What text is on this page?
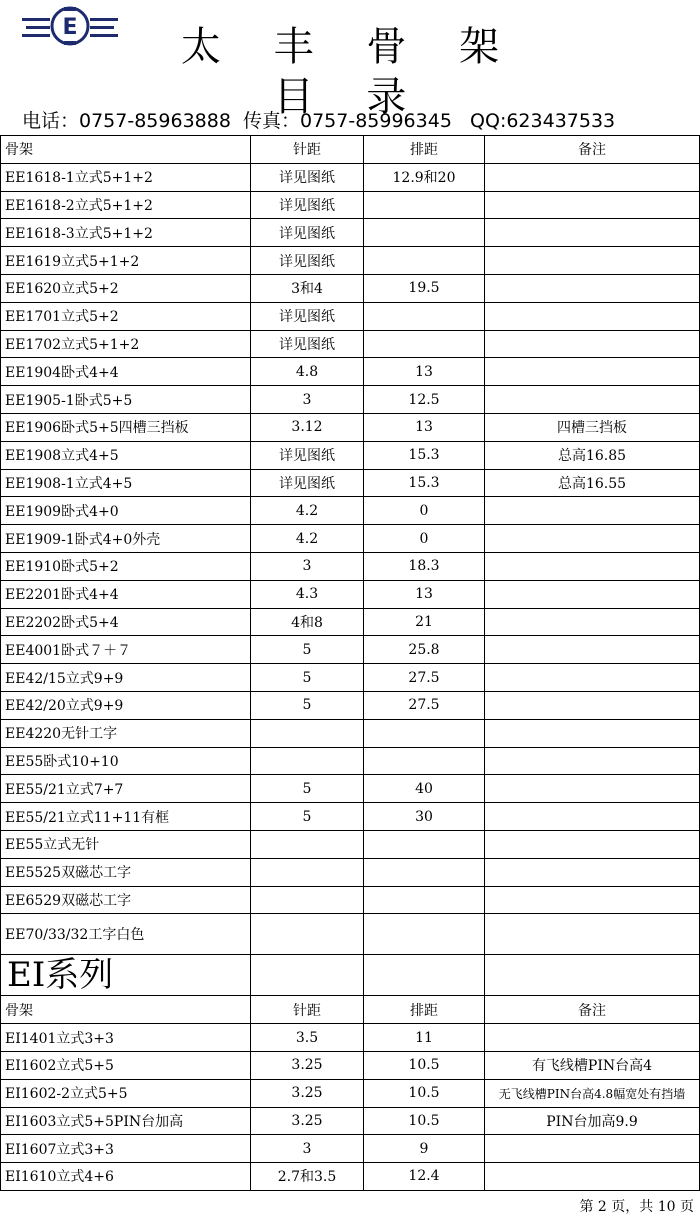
E	太 丰 骨 架 目 录
电话：0757-85963888  传真：0757-85996345   QQ:623437533
骨架	针距	排距	备注
EE1618-1立式5+1+2	详见图纸	12.9和20	
EE1618-2立式5+1+2	详见图纸		
EE1618-3立式5+1+2	详见图纸		
EE1619立式5+1+2	详见图纸		
EE1620立式5+2	3和4	19.5	
EE1701立式5+2	详见图纸		
EE1702立式5+1+2	详见图纸		
EE1904卧式4+4	4.8	13	
EE1905-1卧式5+5	3	12.5	
EE1906卧式5+5四槽三挡板	3.12	13	四槽三挡板
EE1908立式4+5	详见图纸	15.3	总高16.85
EE1908-1立式4+5	详见图纸	15.3	总高16.55
EE1909卧式4+0	4.2	0	
EE1909-1卧式4+0外壳	4.2	0	
EE1910卧式5+2	3	18.3	
EE2201卧式4+4	4.3	13	
EE2202卧式5+4	4和8	21	
EE4001卧式７＋７	5	25.8	
EE42/15立式9+9	5	27.5	
EE42/20立式9+9	5	27.5	
EE4220无针工字			
EE55卧式10+10			
EE55/21立式7+7	5	40	
EE55/21立式11+11有框	5	30	
EE55立式无针			
EE5525双磁芯工字			
EE6529双磁芯工字			
EE70/33/32工字白色			
EI系列			
骨架	针距	排距	备注
EI1401立式3+3	3.5	11	
EI1602立式5+5	3.25	10.5	有飞线槽PIN台高4
EI1602-2立式5+5	3.25	10.5	无飞线槽PIN台高4.8幅宽处有挡墙
EI1603立式5+5PIN台加高	3.25	10.5	PIN台加高9.9
EI1607立式3+3	3	9	
EI1610立式4+6	2.7和3.5	12.4	
第 2 页，共 10 页
